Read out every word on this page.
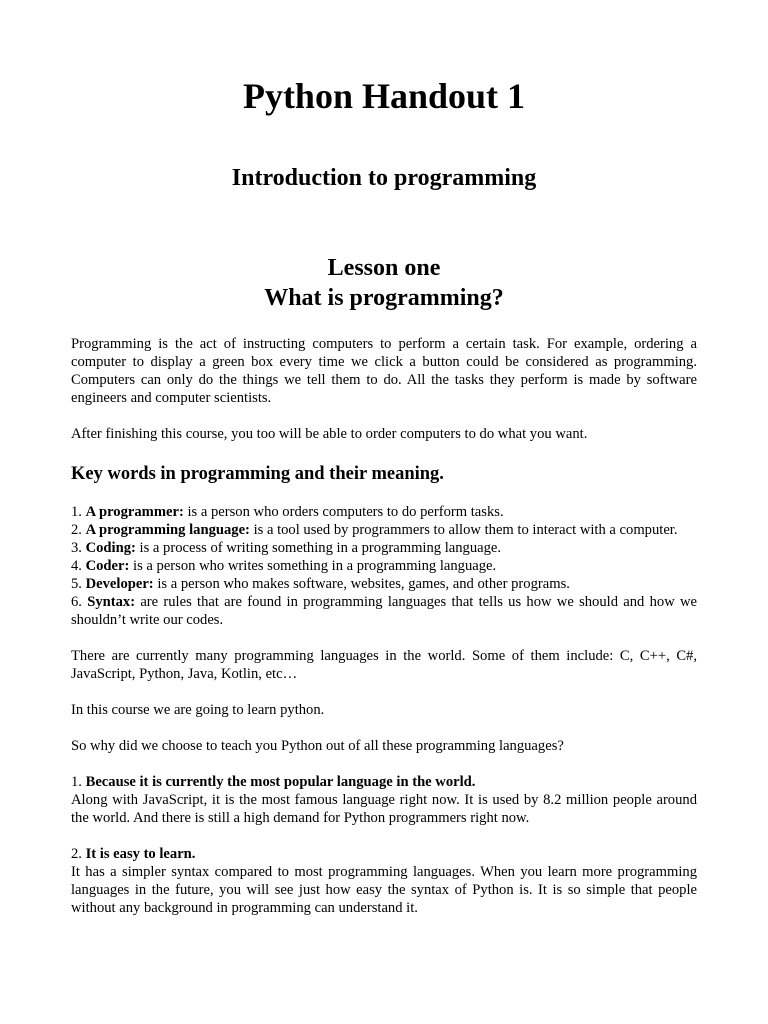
Python Handout 1
Introduction to programming
Lesson one
What is programming?

Programming is the act of instructing computers to perform a certain task. For example, ordering a computer to display a green box every time we click a button could be considered as programming. Computers can only do the things we tell them to do. All the tasks they perform is made by software engineers and computer scientists.

After finishing this course, you too will be able to order computers to do what you want.

Key words in programming and their meaning.

1. A programmer: is a person who orders computers to do perform tasks.

2. A programming language: is a tool used by programmers to allow them to interact with a computer.

3. Coding: is a process of writing something in a programming language.

4. Coder: is a person who writes something in a programming language.

5. Developer: is a person who makes software, websites, games, and other programs.

6. Syntax: are rules that are found in programming languages that tells us how we should and how we shouldn’t write our codes.

There are currently many programming languages in the world. Some of them include: C, C++, C#, JavaScript, Python, Java, Kotlin, etc…

In this course we are going to learn python.

So why did we choose to teach you Python out of all these programming languages?

1. Because it is currently the most popular language in the world.

Along with JavaScript, it is the most famous language right now. It is used by 8.2 million people around the world. And there is still a high demand for Python programmers right now.

2. It is easy to learn.

It has a simpler syntax compared to most programming languages. When you learn more programming languages in the future, you will see just how easy the syntax of Python is. It is so simple that people without any background in programming can understand it.
